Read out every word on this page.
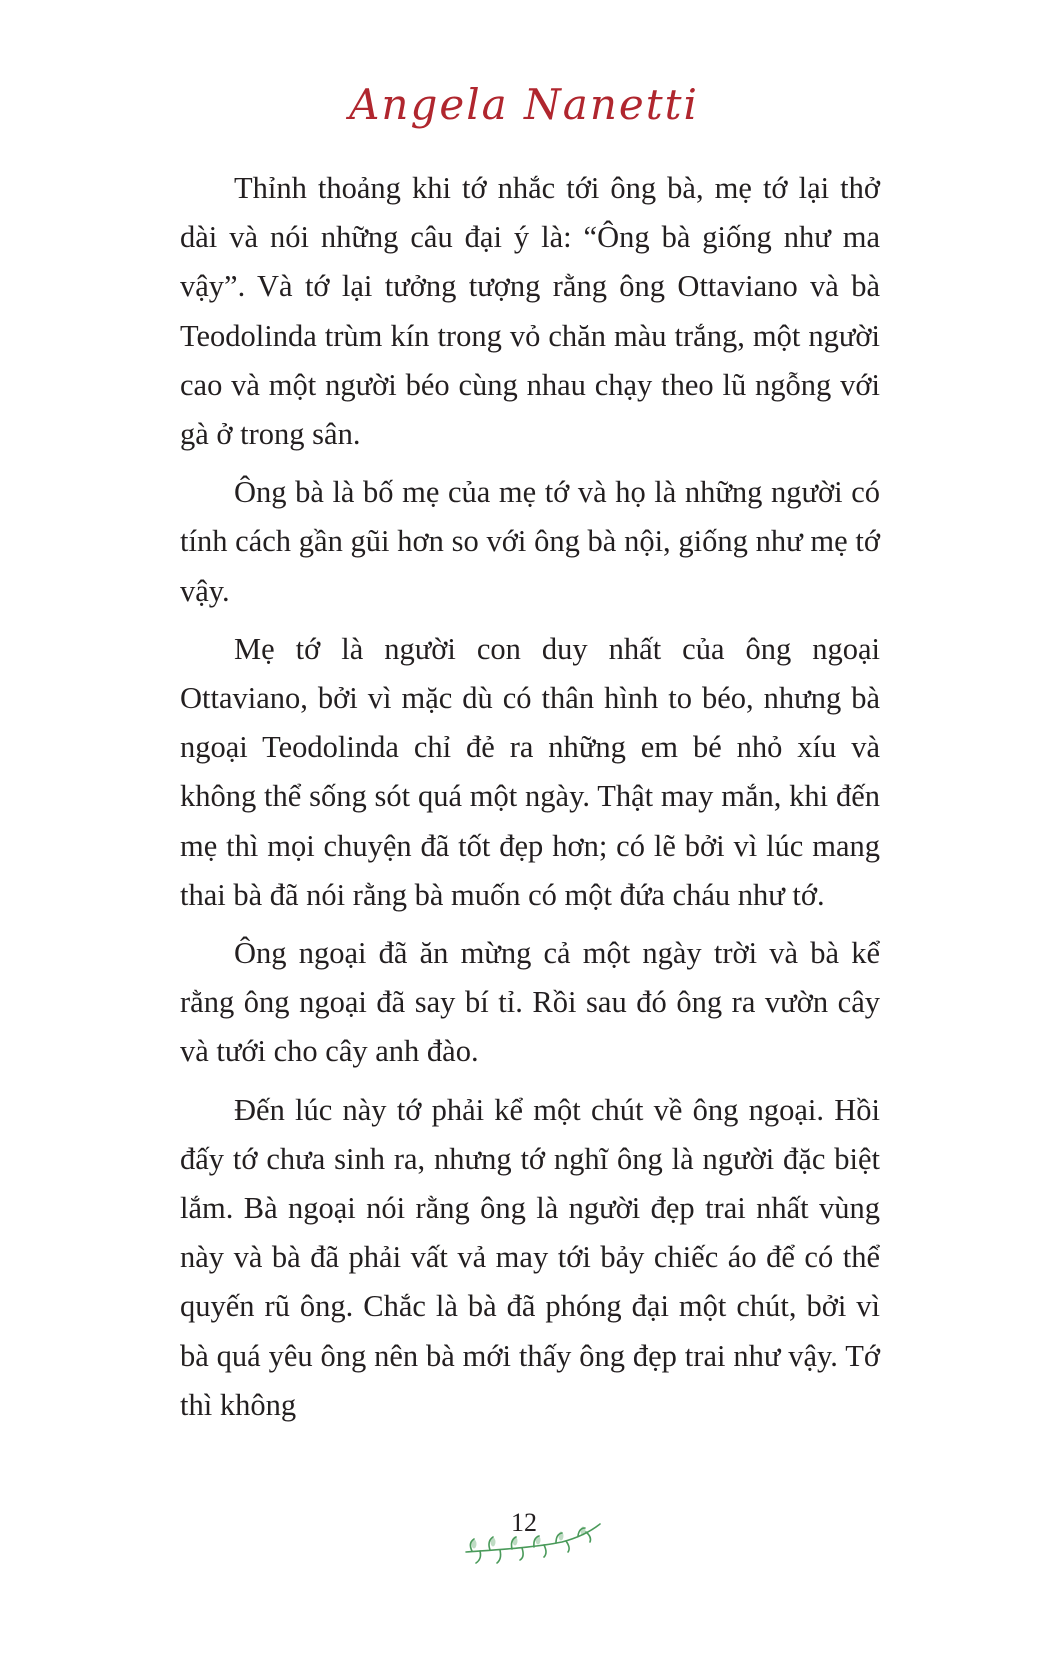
Angela Nanetti

Thỉnh thoảng khi tớ nhắc tới ông bà, mẹ tớ lại thở dài và nói những câu đại ý là: “Ông bà giống như ma vậy”. Và tớ lại tưởng tượng rằng ông Ottaviano và bà Teodolinda trùm kín trong vỏ chăn màu trắng, một người cao và một người béo cùng nhau chạy theo lũ ngỗng với gà ở trong sân.

Ông bà là bố mẹ của mẹ tớ và họ là những người có tính cách gần gũi hơn so với ông bà nội, giống như mẹ tớ vậy.

Mẹ tớ là người con duy nhất của ông ngoại Ottaviano, bởi vì mặc dù có thân hình to béo, nhưng bà ngoại Teodolinda chỉ đẻ ra những em bé nhỏ xíu và không thể sống sót quá một ngày. Thật may mắn, khi đến mẹ thì mọi chuyện đã tốt đẹp hơn; có lẽ bởi vì lúc mang thai bà đã nói rằng bà muốn có một đứa cháu như tớ.

Ông ngoại đã ăn mừng cả một ngày trời và bà kể rằng ông ngoại đã say bí tỉ. Rồi sau đó ông ra vườn cây và tưới cho cây anh đào.

Đến lúc này tớ phải kể một chút về ông ngoại. Hồi đấy tớ chưa sinh ra, nhưng tớ nghĩ ông là người đặc biệt lắm. Bà ngoại nói rằng ông là người đẹp trai nhất vùng này và bà đã phải vất vả may tới bảy chiếc áo để có thể quyến rũ ông. Chắc là bà đã phóng đại một chút, bởi vì bà quá yêu ông nên bà mới thấy ông đẹp trai như vậy. Tớ thì không

12
